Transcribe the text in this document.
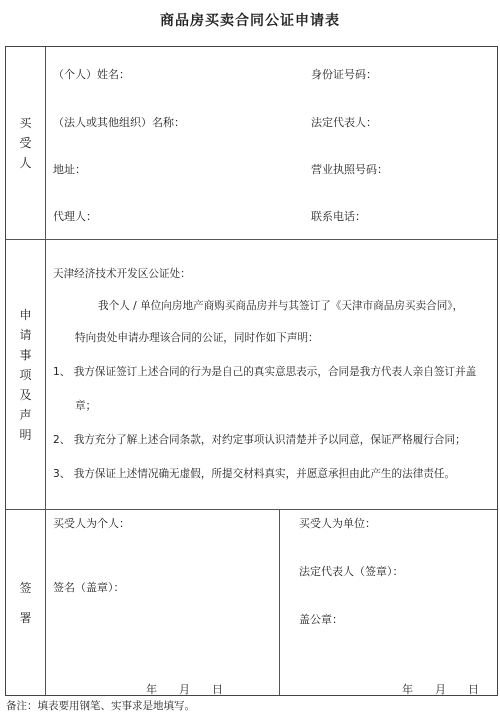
商品房买卖合同公证申请表
买
受
人
（个人）姓名：	身份证号码：
（法人或其他组织）名称：	法定代表人：
地址：	营业执照号码：
代理人：	联系电话：
申
请
事
项
及
声
明
天津经济技术开发区公证处：
我个人 / 单位向房地产商购买商品房并与其签订了《天津市商品房买卖合同》，
特向贵处申请办理该合同的公证，同时作如下声明：
1、 我方保证签订上述合同的行为是自己的真实意思表示，合同是我方代表人亲自签订并盖
章；
2、 我方充分了解上述合同条款，对约定事项认识清楚并予以同意，保证严格履行合同；
3、 我方保证上述情况确无虚假，所提交材料真实，并愿意承担由此产生的法律责任。
签
署
买受人为个人：
签名（盖章）：
年　　月　　日
买受人为单位：
法定代表人（签章）：
盖公章：
年　　月　　日
备注：填表要用钢笔、实事求是地填写。
